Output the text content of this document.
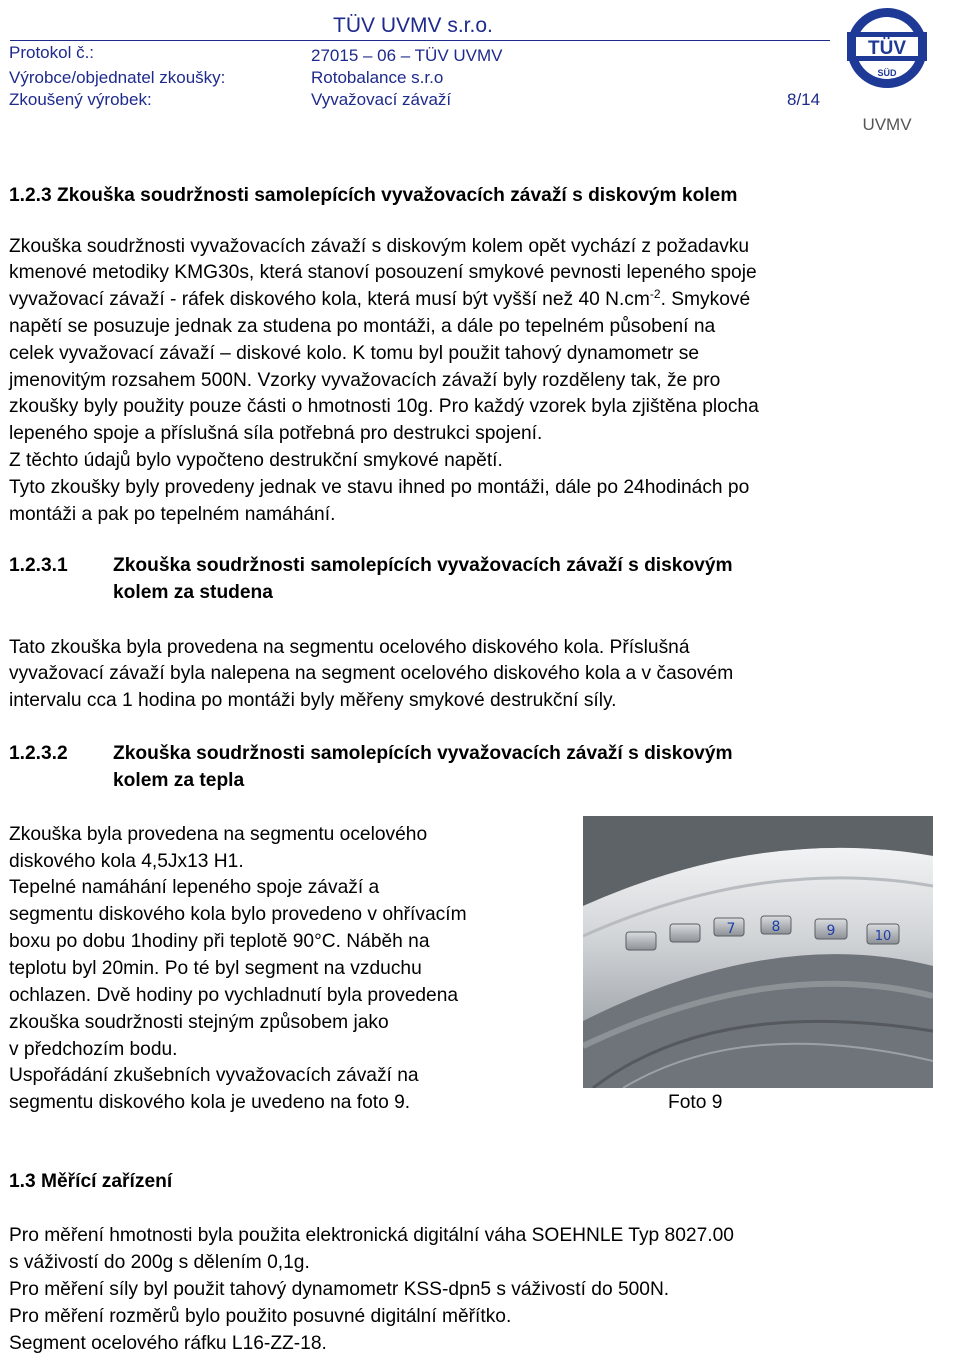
TÜV UVMV s.r.o.
Protokol č.:	27015 – 06 – TÜV UVMV
Výrobce/objednatel zkoušky:	Rotobalance s.r.o
Zkoušený výrobek:	Vyvažovací závaží	8/14
TÜV
SÜD
UVMV
1.2.3 Zkouška soudržnosti samolepících vyvažovacích závaží s diskovým kolem
Zkouška soudržnosti vyvažovacích závaží s diskovým kolem opět vychází z požadavku
kmenové metodiky KMG30s, která stanoví posouzení smykové pevnosti lepeného spoje
vyvažovací závaží - ráfek diskového kola, která musí být vyšší než 40 $N.cm^{-2}$. Smykové
napětí se posuzuje jednak za studena po montáži, a dále po tepelném působení na
celek vyvažovací závaží – diskové kolo. K tomu byl použit tahový dynamometr se
jmenovitým rozsahem 500N. Vzorky vyvažovacích závaží byly rozděleny tak, že pro
zkoušky byly použity pouze části o hmotnosti 10g. Pro každý vzorek byla zjištěna plocha
lepeného spoje a příslušná síla potřebná pro destrukci spojení.
Z těchto údajů bylo vypočteno destrukční smykové napětí.
Tyto zkoušky byly provedeny jednak ve stavu ihned po montáži, dále po 24hodinách po
montáži a pak po tepelném namáhání.
1.2.3.1 Zkouška soudržnosti samolepících vyvažovacích závaží s diskovým
kolem za studena
Tato zkouška byla provedena na segmentu ocelového diskového kola. Příslušná
vyvažovací závaží byla nalepena na segment ocelového diskového kola a v časovém
intervalu cca 1 hodina po montáži byly měřeny smykové destrukční síly.
1.2.3.2 Zkouška soudržnosti samolepících vyvažovacích závaží s diskovým
kolem za tepla
Zkouška byla provedena na segmentu ocelového
diskového kola 4,5Jx13 H1.
Tepelné namáhání lepeného spoje závaží a
segmentu diskového kola bylo provedeno v ohřívacím
boxu po dobu 1hodiny při teplotě 90°C. Náběh na
teplotu byl 20min. Po té byl segment na vzduchu
ochlazen. Dvě hodiny po vychladnutí byla provedena
zkouška soudržnosti stejným způsobem jako
v předchozím bodu.
Uspořádání zkušebních vyvažovacích závaží na
segmentu diskového kola je uvedeno na foto 9.
7	8	9	10
Foto 9
1.3 Měřící zařízení
Pro měření hmotnosti byla použita elektronická digitální váha SOEHNLE Typ 8027.00
s váživostí do 200g s dělením 0,1g.
Pro měření síly byl použit tahový dynamometr KSS-dpn5 s váživostí do 500N.
Pro měření rozměrů bylo použito posuvné digitální měřítko.
Segment ocelového ráfku L16-ZZ-18.
